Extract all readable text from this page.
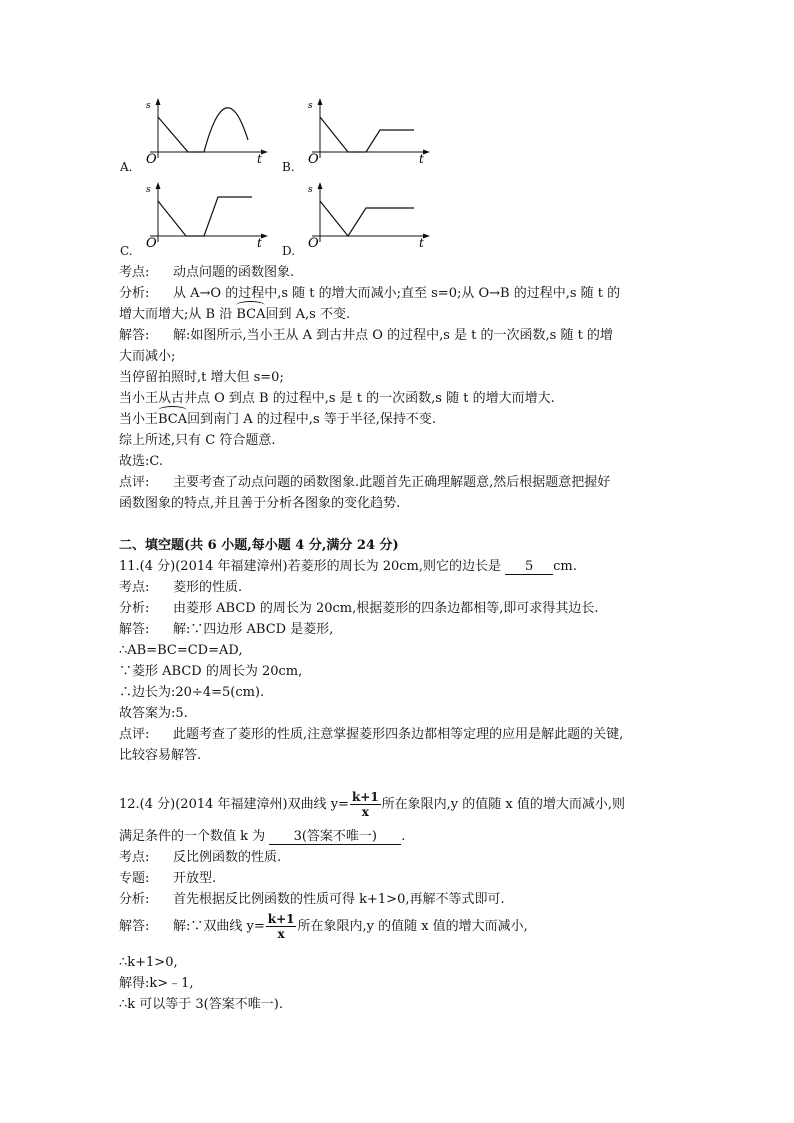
s
O	t
A.
s
O	t
B.
s
O	t
C.
s
O	t
D.
考点: 动点问题的函数图象.
分析: 从 A→O 的过程中,s 随 t 的增大而减小;直至 s=0;从 O→B 的过程中,s 随 t 的
增大而增大;从 B 沿 BCA回到 A,s 不变.
解答: 解:如图所示,当小王从 A 到古井点 O 的过程中,s 是 t 的一次函数,s 随 t 的增
大而减小;
当停留拍照时,t 增大但 s=0;
当小王从古井点 O 到点 B 的过程中,s 是 t 的一次函数,s 随 t 的增大而增大.
当小王BCA回到南门 A 的过程中,s 等于半径,保持不变.
综上所述,只有 C 符合题意.
故选:C.
点评: 主要考查了动点问题的函数图象.此题首先正确理解题意,然后根据题意把握好
函数图象的特点,并且善于分析各图象的变化趋势.
二、填空题(共 6 小题,每小题 4 分,满分 24 分)
11.(4 分)(2014 年福建漳州)若菱形的周长为 20cm,则它的边长是 5 cm.
考点: 菱形的性质.
分析: 由菱形 ABCD 的周长为 20cm,根据菱形的四条边都相等,即可求得其边长.
解答: 解:∵四边形 ABCD 是菱形,
∴AB=BC=CD=AD,
∵菱形 ABCD 的周长为 20cm,
∴边长为:20÷4=5(cm).
故答案为:5.
点评: 此题考查了菱形的性质,注意掌握菱形四条边都相等定理的应用是解此题的关键,
比较容易解答.
12.(4 分)(2014 年福建漳州)双曲线 $y= \frac{k+1}{x}$ 所在象限内,y 的值随 x 值的增大而减小,则
满足条件的一个数值 k 为 3(答案不唯一) .
考点: 反比例函数的性质.
专题: 开放型.
分析: 首先根据反比例函数的性质可得 k+1>0,再解不等式即可.
解答: 解:∵双曲线 $y= \frac{k+1}{x}$ 所在象限内,y 的值随 x 值的增大而减小,
∴k+1>0,
解得:k>﹣1,
∴k 可以等于 3(答案不唯一).
